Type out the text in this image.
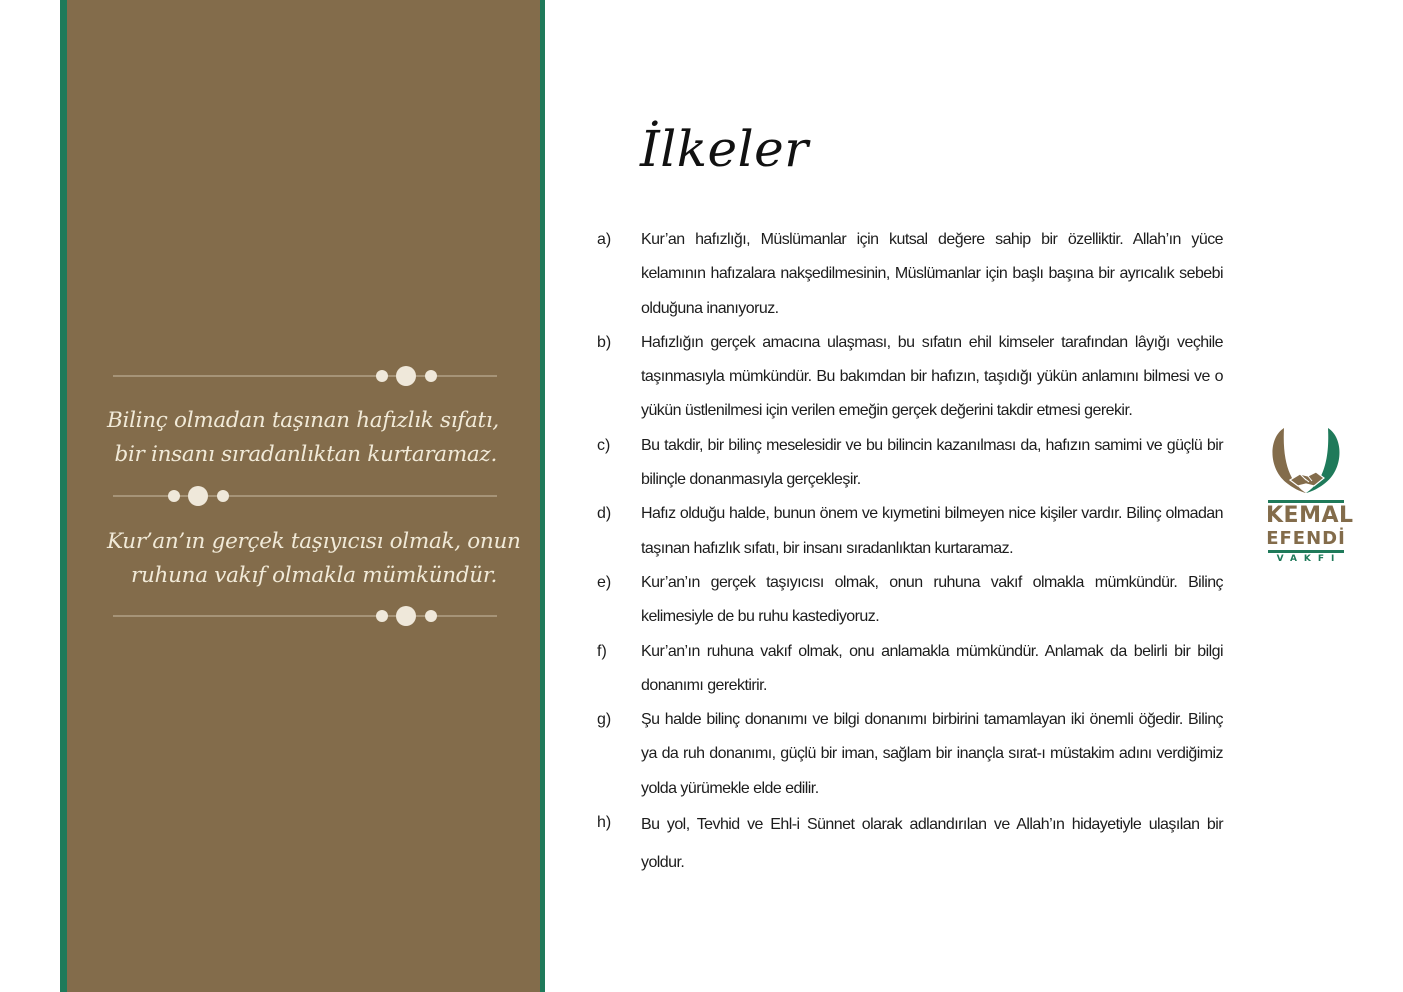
Bilinç olmadan taşınan hafızlık sıfatı,
bir insanı sıradanlıktan kurtaramaz.
Kur’an’ın gerçek taşıyıcısı olmak, onun
ruhuna vakıf olmakla mümkündür.
İlkeler
a)	Kur’an hafızlığı, Müslümanlar için kutsal değere sahip bir özelliktir. Allah’ın yüce kelamının hafızalara nakşedilmesinin, Müslümanlar için başlı başına bir ayrıcalık sebebi olduğuna inanıyoruz.
b)	Hafızlığın gerçek amacına ulaşması, bu sıfatın ehil kimseler tarafından lâyığı veçhile taşınmasıyla mümkündür. Bu bakımdan bir hafızın, taşıdığı yükün anlamını bilmesi ve o yükün üstlenilmesi için verilen emeğin gerçek değerini takdir etmesi gerekir.
c)	Bu takdir, bir bilinç meselesidir ve bu bilincin kazanılması da, hafızın samimi ve güçlü bir bilinçle donanmasıyla gerçekleşir.
d)	Hafız olduğu halde, bunun önem ve kıymetini bilmeyen nice kişiler vardır. Bilinç olmadan taşınan hafızlık sıfatı, bir insanı sıradanlıktan kurtaramaz.
e)	Kur’an’ın gerçek taşıyıcısı olmak, onun ruhuna vakıf olmakla mümkündür. Bilinç kelimesiyle de bu ruhu kastediyoruz.
f)	Kur’an’ın ruhuna vakıf olmak, onu anlamakla mümkündür. Anlamak da belirli bir bilgi donanımı gerektirir.
g)	Şu halde bilinç donanımı ve bilgi donanımı birbirini tamamlayan iki önemli öğedir. Bilinç ya da ruh donanımı, güçlü bir iman, sağlam bir inançla sırat-ı müstakim adını verdiğimiz yolda yürümekle elde edilir.
h)	Bu yol, Tevhid ve Ehl-i Sünnet olarak adlandırılan ve Allah’ın hidayetiyle ulaşılan bir yoldur.
KEMAL
EFENDİ
VAKFI
